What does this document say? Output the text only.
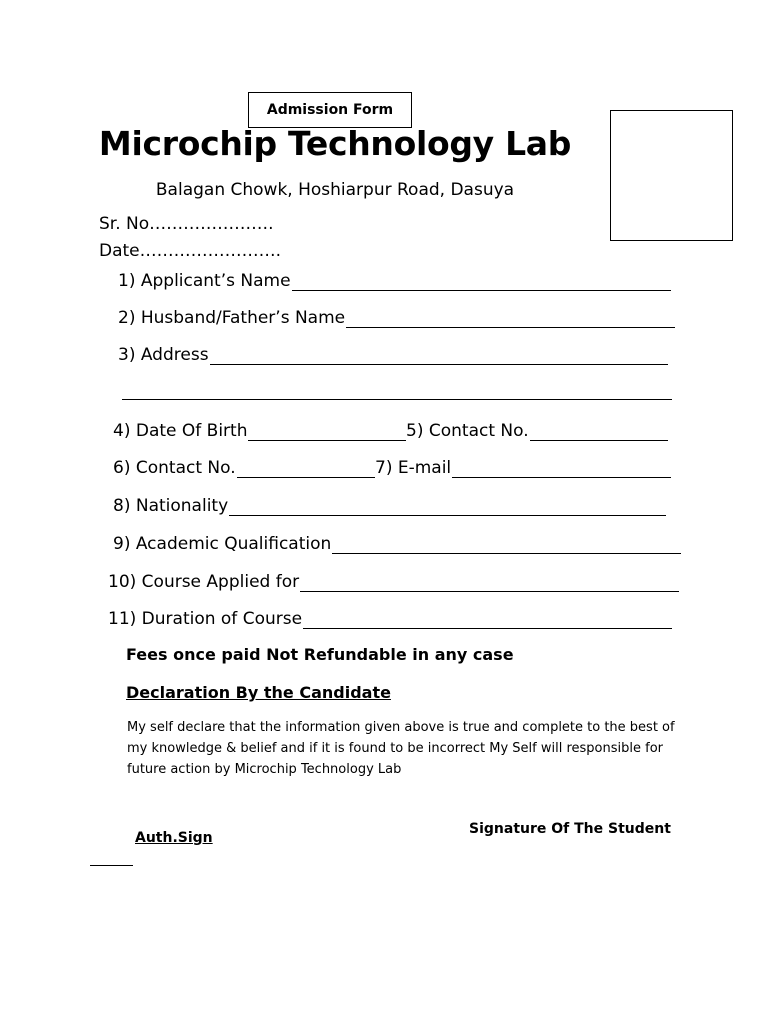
Admission Form
Microchip Technology Lab
Balagan Chowk, Hoshiarpur Road, Dasuya
Sr. No………………….
Date…………………….
1) Applicant’s Name
2) Husband/Father’s Name
3) Address
4) Date Of Birth	5) Contact No.
6) Contact No.	7) E-mail
8) Nationality
9) Academic Qualification
10) Course Applied for
11) Duration of Course
Fees once paid Not Refundable in any case
Declaration By the Candidate
My self declare that the information given above is true and complete to the best of my knowledge & belief and if it is found to be incorrect My Self will responsible for future action by Microchip Technology Lab
Signature Of The Student
Auth.Sign
